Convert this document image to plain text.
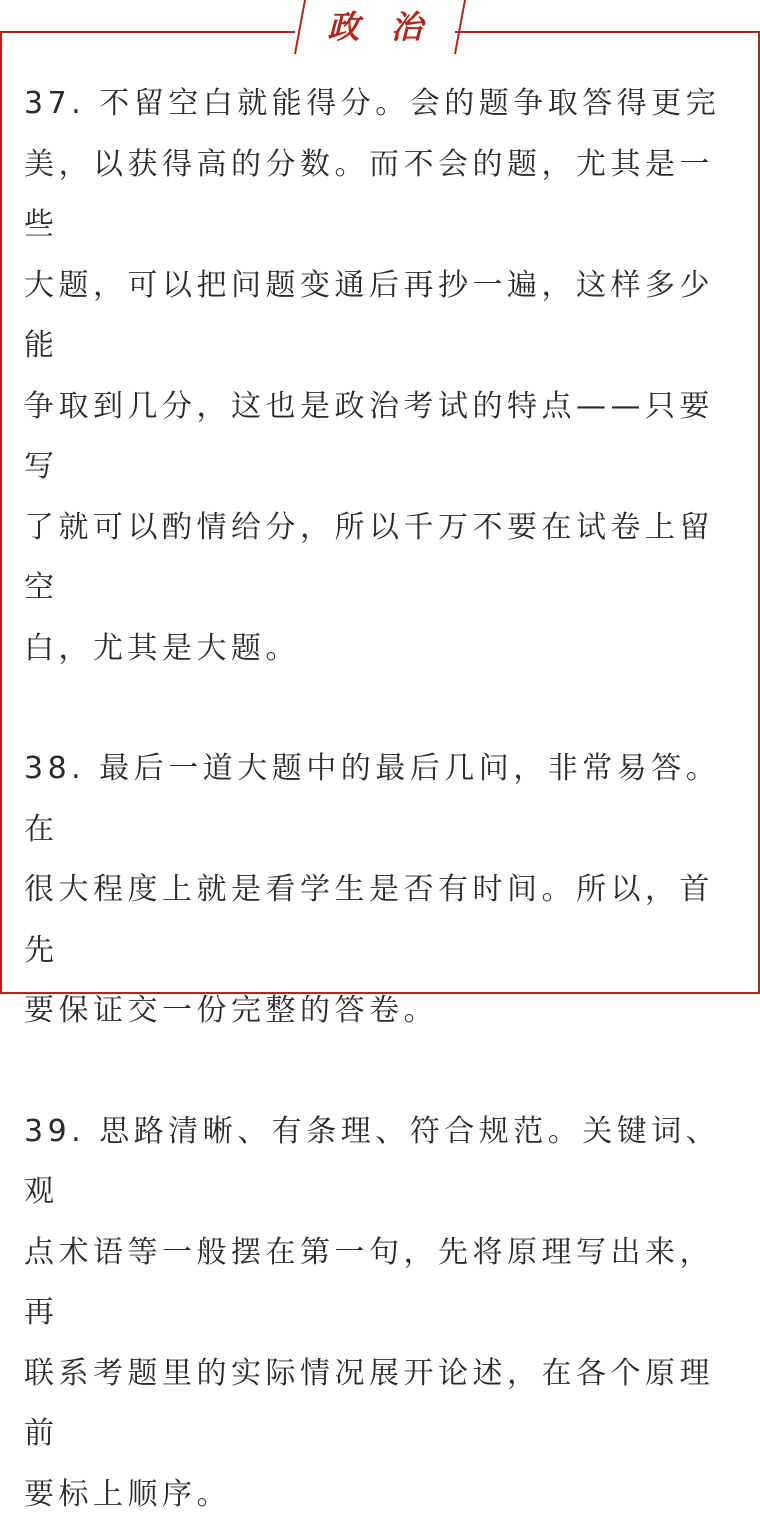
政 治

37. 不留空白就能得分。会的题争取答得更完
美，以获得高的分数。而不会的题，尤其是一些
大题，可以把问题变通后再抄一遍，这样多少能
争取到几分，这也是政治考试的特点——只要写
了就可以酌情给分，所以千万不要在试卷上留空
白，尤其是大题。

38. 最后一道大题中的最后几问，非常易答。在
很大程度上就是看学生是否有时间。所以，首先
要保证交一份完整的答卷。

39. 思路清晰、有条理、符合规范。关键词、观
点术语等一般摆在第一句，先将原理写出来，再
联系考题里的实际情况展开论述，在各个原理前
要标上顺序。
